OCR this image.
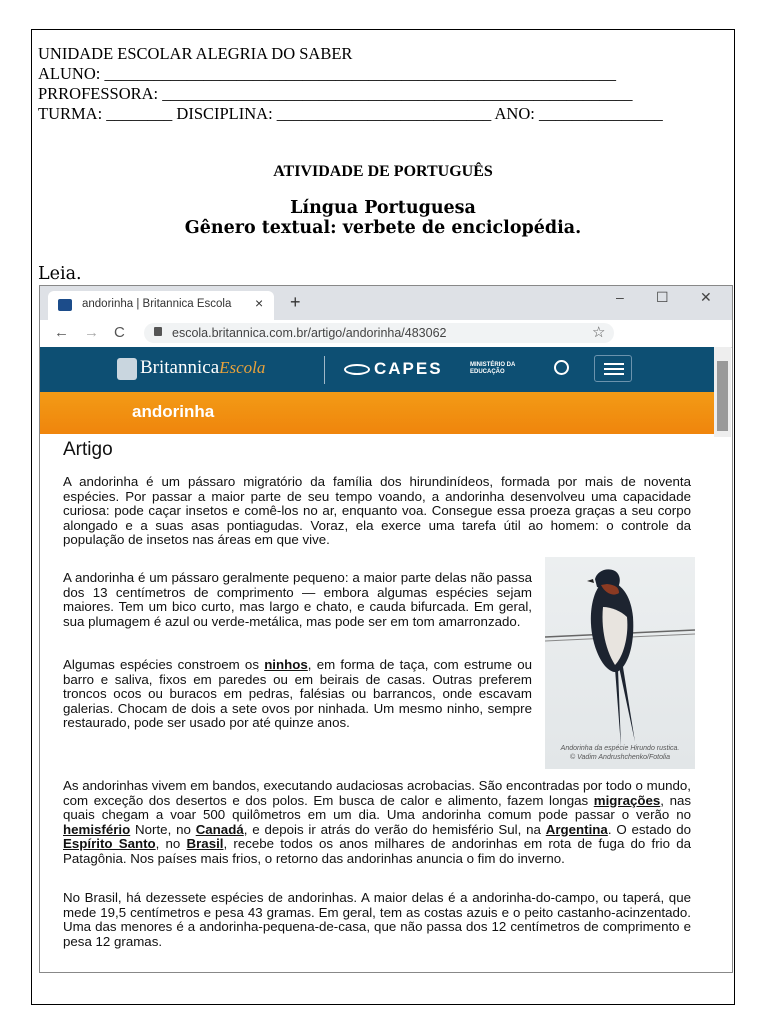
UNIDADE ESCOLAR ALEGRIA DO SABER
ALUNO: ______________________________________________________________
PRROFESSORA: _________________________________________________________
TURMA: ________ DISCIPLINA: __________________________ ANO: _______________
ATIVIDADE DE PORTUGUÊS
Língua Portuguesa
Gênero textual: verbete de enciclopédia.
Leia.
andorinha | Britannica Escola × +	– ☐ ✕
← → C	escola.britannica.com.br/artigo/andorinha/483062	☆
BritannicaEscola	CAPES	MINISTÉRIO DA
EDUCAÇÃO
andorinha
Artigo
A andorinha é um pássaro migratório da família dos hirundinídeos, formada por mais de noventa espécies. Por passar a maior parte de seu tempo voando, a andorinha desenvolveu uma capacidade curiosa: pode caçar insetos e comê-los no ar, enquanto voa. Consegue essa proeza graças a seu corpo alongado e a suas asas pontiagudas. Voraz, ela exerce uma tarefa útil ao homem: o controle da população de insetos nas áreas em que vive.
A andorinha é um pássaro geralmente pequeno: a maior parte delas não passa dos 13 centímetros de comprimento — embora algumas espécies sejam maiores. Tem um bico curto, mas largo e chato, e cauda bifurcada. Em geral, sua plumagem é azul ou verde-metálica, mas pode ser em tom amarronzado.
Algumas espécies constroem os ninhos, em forma de taça, com estrume ou barro e saliva, fixos em paredes ou em beirais de casas. Outras preferem troncos ocos ou buracos em pedras, falésias ou barrancos, onde escavam galerias. Chocam de dois a sete ovos por ninhada. Um mesmo ninho, sempre restaurado, pode ser usado por até quinze anos.
Andorinha da espécie Hirundo rustica.
© Vadim Andrushchenko/Fotolia
As andorinhas vivem em bandos, executando audaciosas acrobacias. São encontradas por todo o mundo, com exceção dos desertos e dos polos. Em busca de calor e alimento, fazem longas migrações, nas quais chegam a voar 500 quilômetros em um dia. Uma andorinha comum pode passar o verão no hemisfério Norte, no Canadá, e depois ir atrás do verão do hemisfério Sul, na Argentina. O estado do Espírito Santo, no Brasil, recebe todos os anos milhares de andorinhas em rota de fuga do frio da Patagônia. Nos países mais frios, o retorno das andorinhas anuncia o fim do inverno.
No Brasil, há dezessete espécies de andorinhas. A maior delas é a andorinha-do-campo, ou taperá, que mede 19,5 centímetros e pesa 43 gramas. Em geral, tem as costas azuis e o peito castanho-acinzentado. Uma das menores é a andorinha-pequena-de-casa, que não passa dos 12 centímetros de comprimento e pesa 12 gramas.
